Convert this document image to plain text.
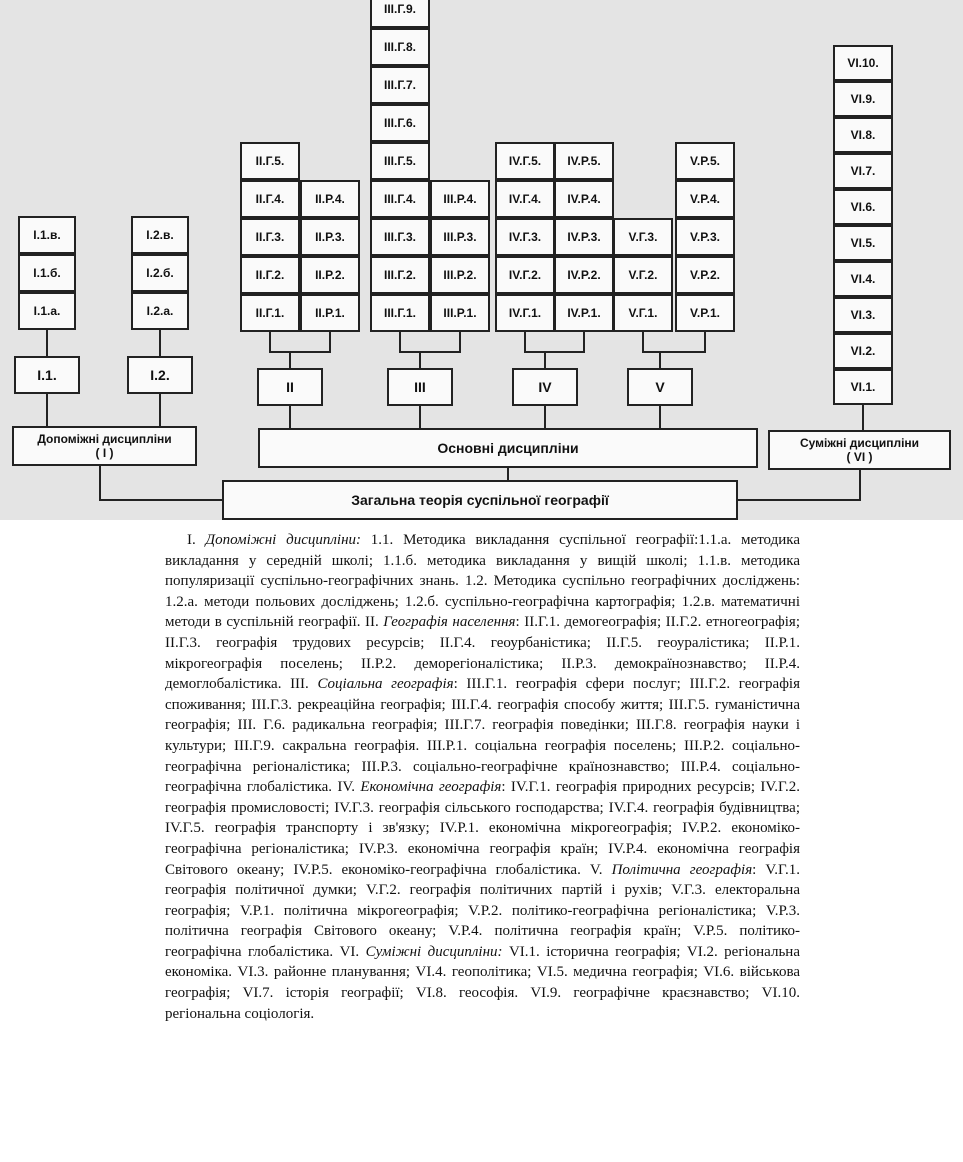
I.1.a.
I.1.б.
I.1.в.
I.1.
I.2.a.
I.2.б.
I.2.в.
I.2.
Допоміжні дисципліни
( I )
II.Г.1.
II.Г.2.
II.Г.3.
II.Г.4.
II.Г.5.
II.P.1.
II.P.2.
II.P.3.
II.P.4.
II
III.Г.1.
III.Г.2.
III.Г.3.
III.Г.4.
III.Г.5.
III.Г.6.
III.Г.7.
III.Г.8.
III.Г.9.
III.P.1.
III.P.2.
III.P.3.
III.P.4.
III
IV.Г.1.
IV.Г.2.
IV.Г.3.
IV.Г.4.
IV.Г.5.
IV.P.1.
IV.P.2.
IV.P.3.
IV.P.4.
IV.P.5.
IV
V.Г.1.
V.Г.2.
V.Г.3.
V.P.1.
V.P.2.
V.P.3.
V.P.4.
V.P.5.
V
Основні дисципліни
VI.1.
VI.2.
VI.3.
VI.4.
VI.5.
VI.6.
VI.7.
VI.8.
VI.9.
VI.10.
Суміжні дисципліни
( VI )
Загальна теорія суспільної географії

I. Допоміжні дисципліни: 1.1. Методика викладання суспільної географії:1.1.а. методика викладання у середній школі; 1.1.б. методика викладання у вищій школі; 1.1.в. методика популяризації суспільно-географічних знань. 1.2. Методика суспільно географічних досліджень: 1.2.а. методи польових досліджень; 1.2.б. суспільно-географічна картографія; 1.2.в. математичні методи в суспільній географії. II. Географія населення: II.Г.1. демогеографія; II.Г.2. етногеографія; II.Г.3. географія трудових ресурсів; II.Г.4. геоурбаністика; II.Г.5. геоуралістика; II.Р.1. мікрогеографія поселень; II.Р.2. деморегіоналістика; II.Р.3. демокраїнознавство; II.Р.4. демоглобалістика. III. Соціальна географія: III.Г.1. географія сфери послуг; III.Г.2. географія споживання; III.Г.3. рекреаційна географія; III.Г.4. географія способу життя; III.Г.5. гуманістична географія; III. Г.6. радикальна географія; III.Г.7. географія поведінки; III.Г.8. географія науки і культури; III.Г.9. сакральна географія. III.Р.1. соціальна географія поселень; III.Р.2. соціально-географічна регіоналістика; III.Р.3. соціально-географічне країнознавство; III.Р.4. соціально-географічна глобалістика. IV. Економічна географія: IV.Г.1. географія природних ресурсів; IV.Г.2. географія промисловості; IV.Г.3. географія сільського господарства; IV.Г.4. географія будівництва; IV.Г.5. географія транспорту і зв'язку; IV.Р.1. економічна мікрогеографія; IV.Р.2. економіко-географічна регіоналістика; IV.Р.3. економічна географія країн; IV.Р.4. економічна географія Світового океану; IV.Р.5. економіко-географічна глобалістика. V. Політична географія: V.Г.1. географія політичної думки; V.Г.2. географія політичних партій і рухів; V.Г.3. електоральна географія; V.Р.1. політична мікрогеографія; V.Р.2. політико-географічна регіоналістика; V.Р.3. політична географія Світового океану; V.Р.4. політична географія країн; V.Р.5. політико-географічна глобалістика. VI. Суміжні дисципліни: VI.1. історична географія; VI.2. регіональна економіка. VI.3. районне планування; VI.4. геополітика; VI.5. медична географія; VI.6. військова географія; VI.7. історія географії; VI.8. геософія. VI.9. географічне краєзнавство; VI.10. регіональна соціологія.
